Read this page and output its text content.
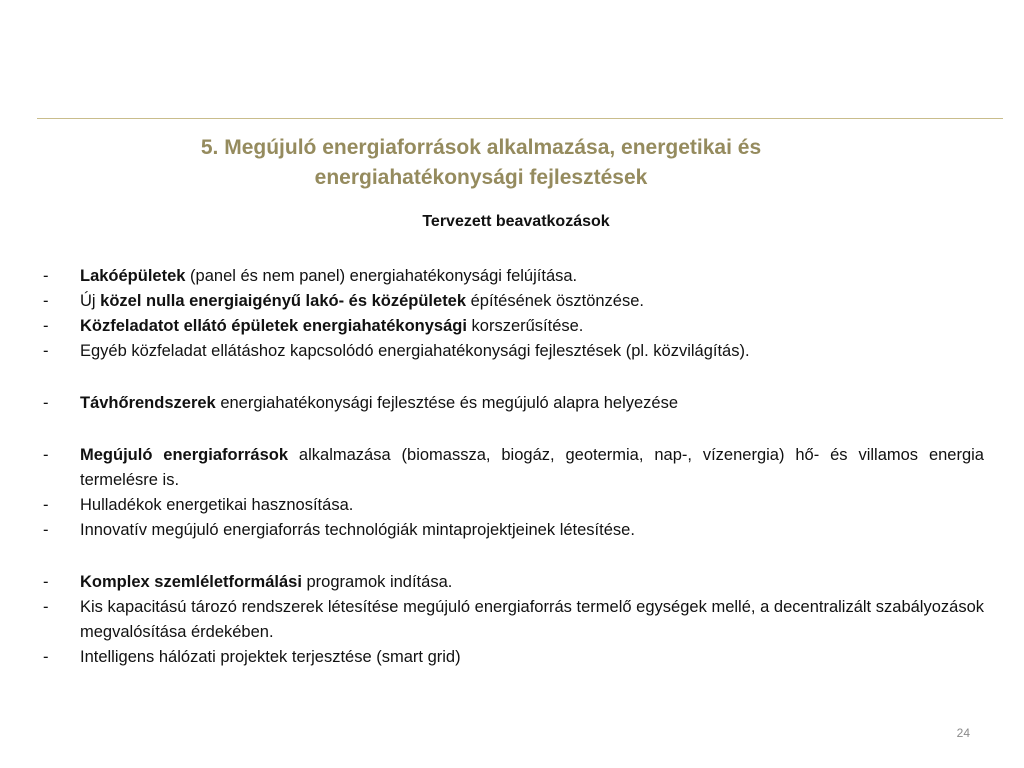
5. Megújuló energiaforrások alkalmazása, energetikai és
energiahatékonysági fejlesztések
Tervezett beavatkozások
- Lakóépületek (panel és nem panel) energiahatékonysági felújítása.
- Új közel nulla energiaigényű lakó- és középületek építésének ösztönzése.
- Közfeladatot ellátó épületek energiahatékonysági korszerűsítése.
- Egyéb közfeladat ellátáshoz kapcsolódó energiahatékonysági fejlesztések (pl. közvilágítás).
- Távhőrendszerek energiahatékonysági fejlesztése és megújuló alapra helyezése
- Megújuló energiaforrások alkalmazása (biomassza, biogáz, geotermia, nap-, vízenergia) hő- és villamos energia termelésre is.
- Hulladékok energetikai hasznosítása.
- Innovatív megújuló energiaforrás technológiák mintaprojektjeinek létesítése.
- Komplex szemléletformálási programok indítása.
- Kis kapacitású tározó rendszerek létesítése megújuló energiaforrás termelő egységek mellé, a decentralizált szabályozások megvalósítása érdekében.
- Intelligens hálózati projektek terjesztése (smart grid)
24
